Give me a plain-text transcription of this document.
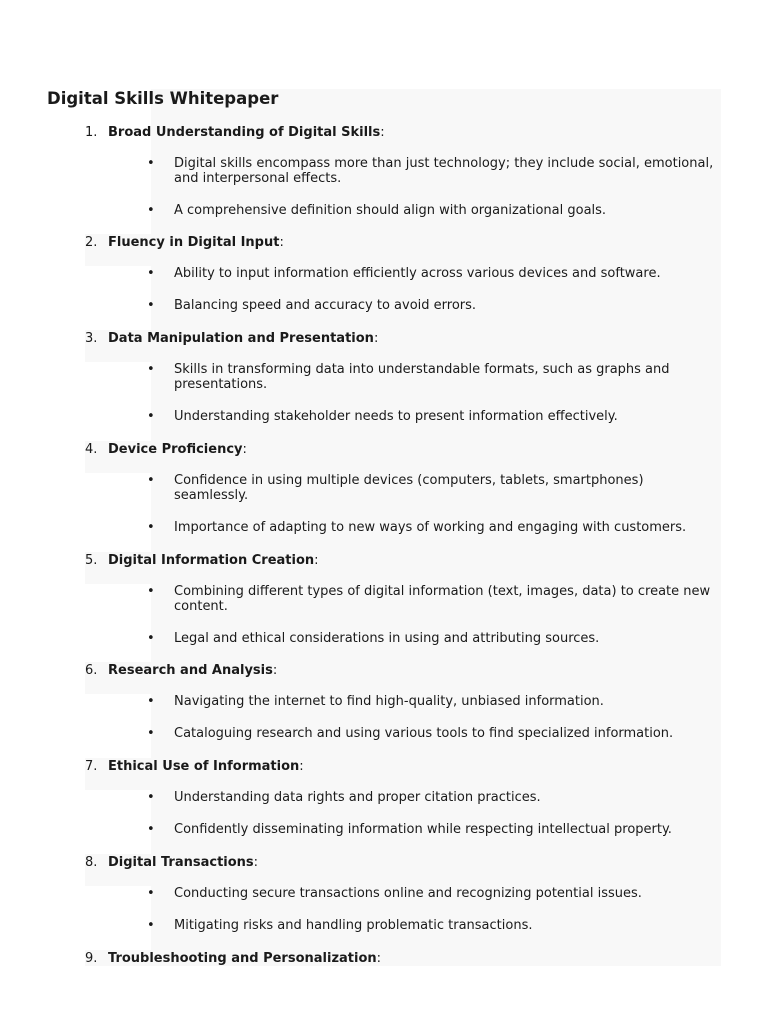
Digital Skills Whitepaper
1. Broad Understanding of Digital Skills:
• Digital skills encompass more than just technology; they include social, emotional, and interpersonal effects.
• A comprehensive definition should align with organizational goals.
2. Fluency in Digital Input:
• Ability to input information efficiently across various devices and software.
• Balancing speed and accuracy to avoid errors.
3. Data Manipulation and Presentation:
• Skills in transforming data into understandable formats, such as graphs and presentations.
• Understanding stakeholder needs to present information effectively.
4. Device Proficiency:
• Confidence in using multiple devices (computers, tablets, smartphones) seamlessly.
• Importance of adapting to new ways of working and engaging with customers.
5. Digital Information Creation:
• Combining different types of digital information (text, images, data) to create new content.
• Legal and ethical considerations in using and attributing sources.
6. Research and Analysis:
• Navigating the internet to find high-quality, unbiased information.
• Cataloguing research and using various tools to find specialized information.
7. Ethical Use of Information:
• Understanding data rights and proper citation practices.
• Confidently disseminating information while respecting intellectual property.
8. Digital Transactions:
• Conducting secure transactions online and recognizing potential issues.
• Mitigating risks and handling problematic transactions.
9. Troubleshooting and Personalization:
